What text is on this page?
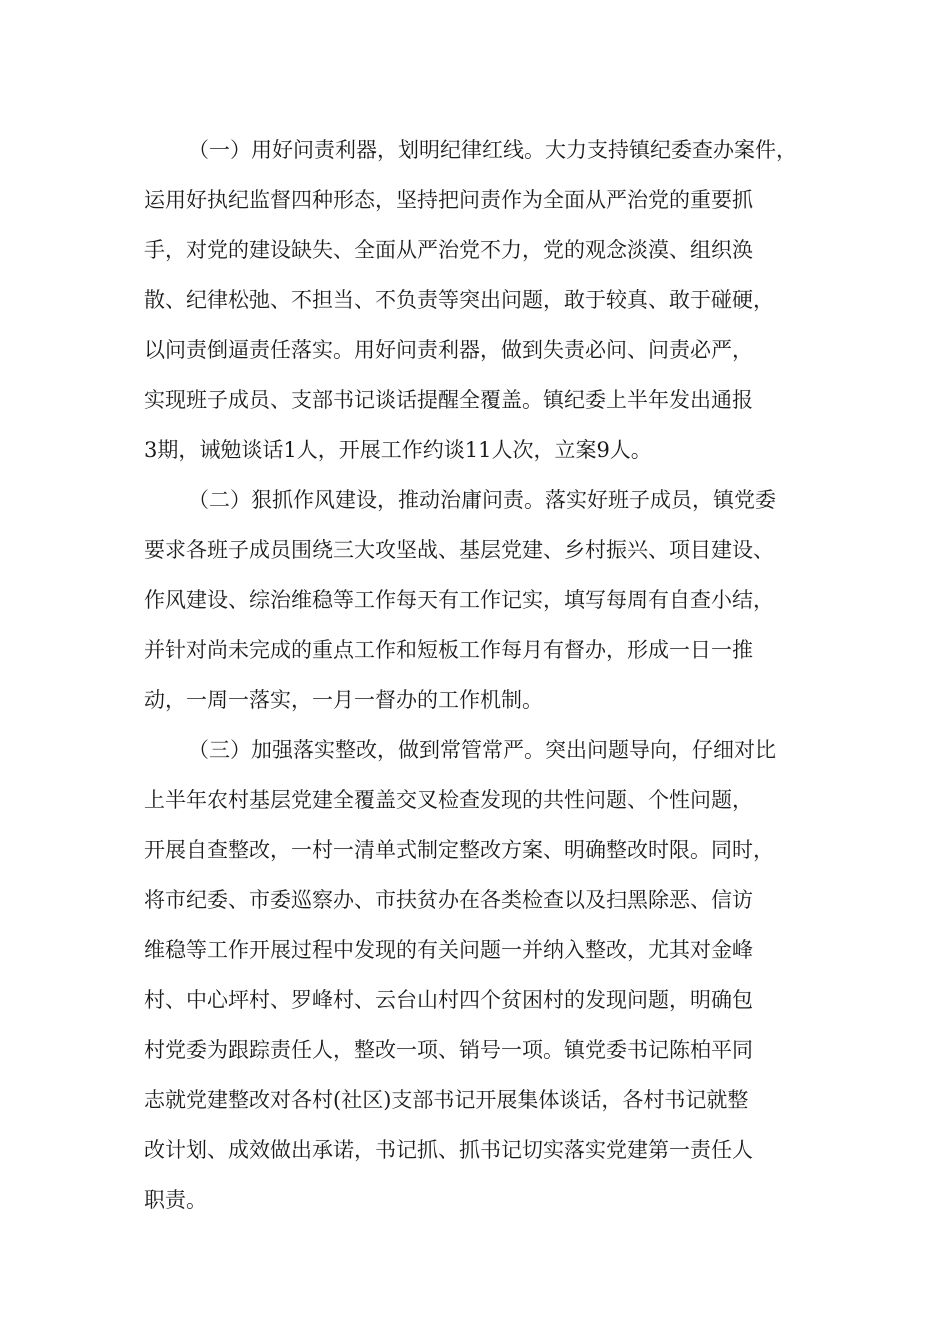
（一）用好问责利器，划明纪律红线。大力支持镇纪委查办案件，
运用好执纪监督四种形态，坚持把问责作为全面从严治党的重要抓
手，对党的建设缺失、全面从严治党不力，党的观念淡漠、组织涣
散、纪律松弛、不担当、不负责等突出问题，敢于较真、敢于碰硬，
以问责倒逼责任落实。用好问责利器，做到失责必问、问责必严，
实现班子成员、支部书记谈话提醒全覆盖。镇纪委上半年发出通报
3期，诫勉谈话1人，开展工作约谈11人次，立案9人。
（二）狠抓作风建设，推动治庸问责。落实好班子成员，镇党委
要求各班子成员围绕三大攻坚战、基层党建、乡村振兴、项目建设、
作风建设、综治维稳等工作每天有工作记实，填写每周有自查小结，
并针对尚未完成的重点工作和短板工作每月有督办，形成一日一推
动，一周一落实，一月一督办的工作机制。
（三）加强落实整改，做到常管常严。突出问题导向，仔细对比
上半年农村基层党建全覆盖交叉检查发现的共性问题、个性问题，
开展自查整改，一村一清单式制定整改方案、明确整改时限。同时，
将市纪委、市委巡察办、市扶贫办在各类检查以及扫黑除恶、信访
维稳等工作开展过程中发现的有关问题一并纳入整改，尤其对金峰
村、中心坪村、罗峰村、云台山村四个贫困村的发现问题，明确包
村党委为跟踪责任人，整改一项、销号一项。镇党委书记陈柏平同
志就党建整改对各村(社区)支部书记开展集体谈话，各村书记就整
改计划、成效做出承诺，书记抓、抓书记切实落实党建第一责任人
职责。
